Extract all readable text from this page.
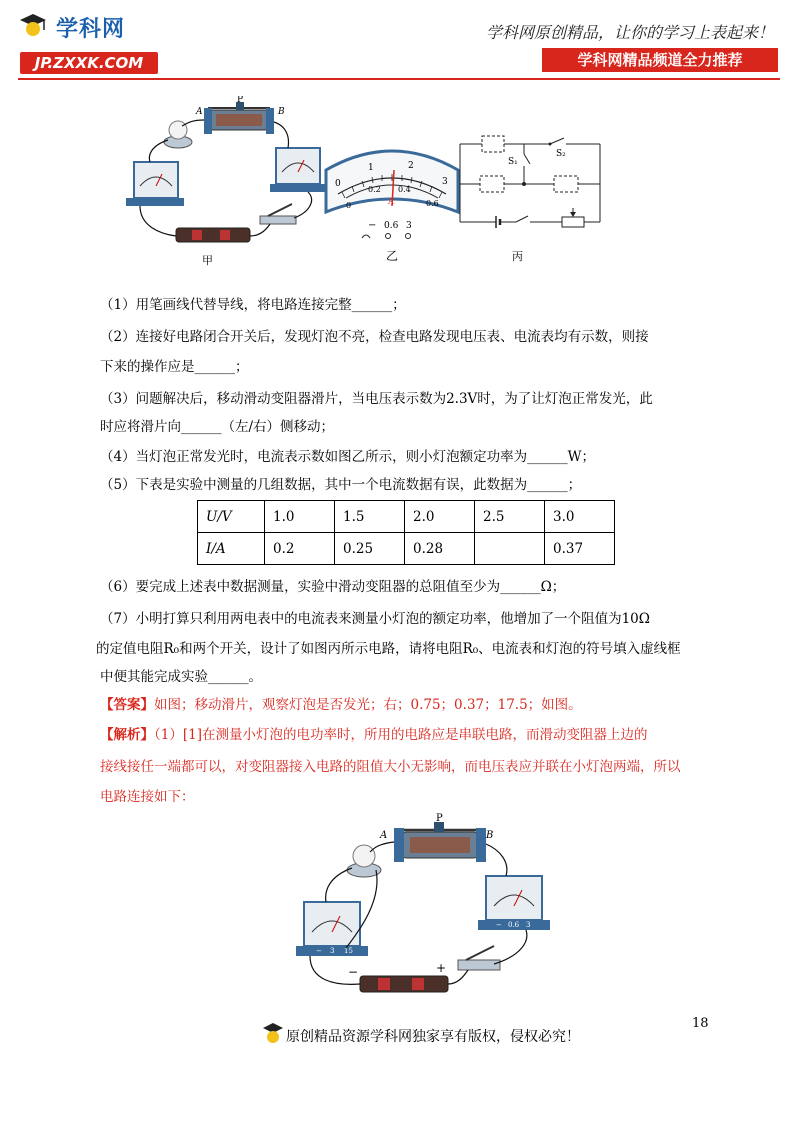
学科网
JP.ZXXK.COM
学科网原创精品，让你的学习上表起来！
学科网精品频道全力推荐
A	B
P
甲
0
1	2
3
0
0.2 0.4
0.6
A
− 0.6 3
乙
S₁
S₂
丙
（1）用笔画线代替导线，将电路连接完整______；
（2）连接好电路闭合开关后，发现灯泡不亮，检查电路发现电压表、电流表均有示数，则接
下来的操作应是______；
（3）问题解决后，移动滑动变阻器滑片，当电压表示数为2.3V时，为了让灯泡正常发光，此
时应将滑片向______（左/右）侧移动；
（4）当灯泡正常发光时，电流表示数如图乙所示，则小灯泡额定功率为______W；
（5）下表是实验中测量的几组数据，其中一个电流数据有误，此数据为______；
U/V	1.0	1.5	2.0	2.5	3.0
I/A	0.2	0.25	0.28		0.37
（6）要完成上述表中数据测量，实验中滑动变阻器的总阻值至少为______Ω；
（7）小明打算只利用两电表中的电流表来测量小灯泡的额定功率，他增加了一个阻值为10Ω
的定值电阻R₀和两个开关，设计了如图丙所示电路，请将电阻R₀、电流表和灯泡的符号填入虚线框
中便其能完成实验______。
【答案】如图；移动滑片，观察灯泡是否发光；右；0.75；0.37；17.5；如图。
【解析】（1）[1]在测量小灯泡的电功率时，所用的电路应是串联电路，而滑动变阻器上边的
接线接任一端都可以，对变阻器接入电路的阻值大小无影响，而电压表应并联在小灯泡两端，所以
电路连接如下：
A	B
P
− 3 15
− 0.6 3
−	+
18
原创精品资源学科网独家享有版权，侵权必究！
